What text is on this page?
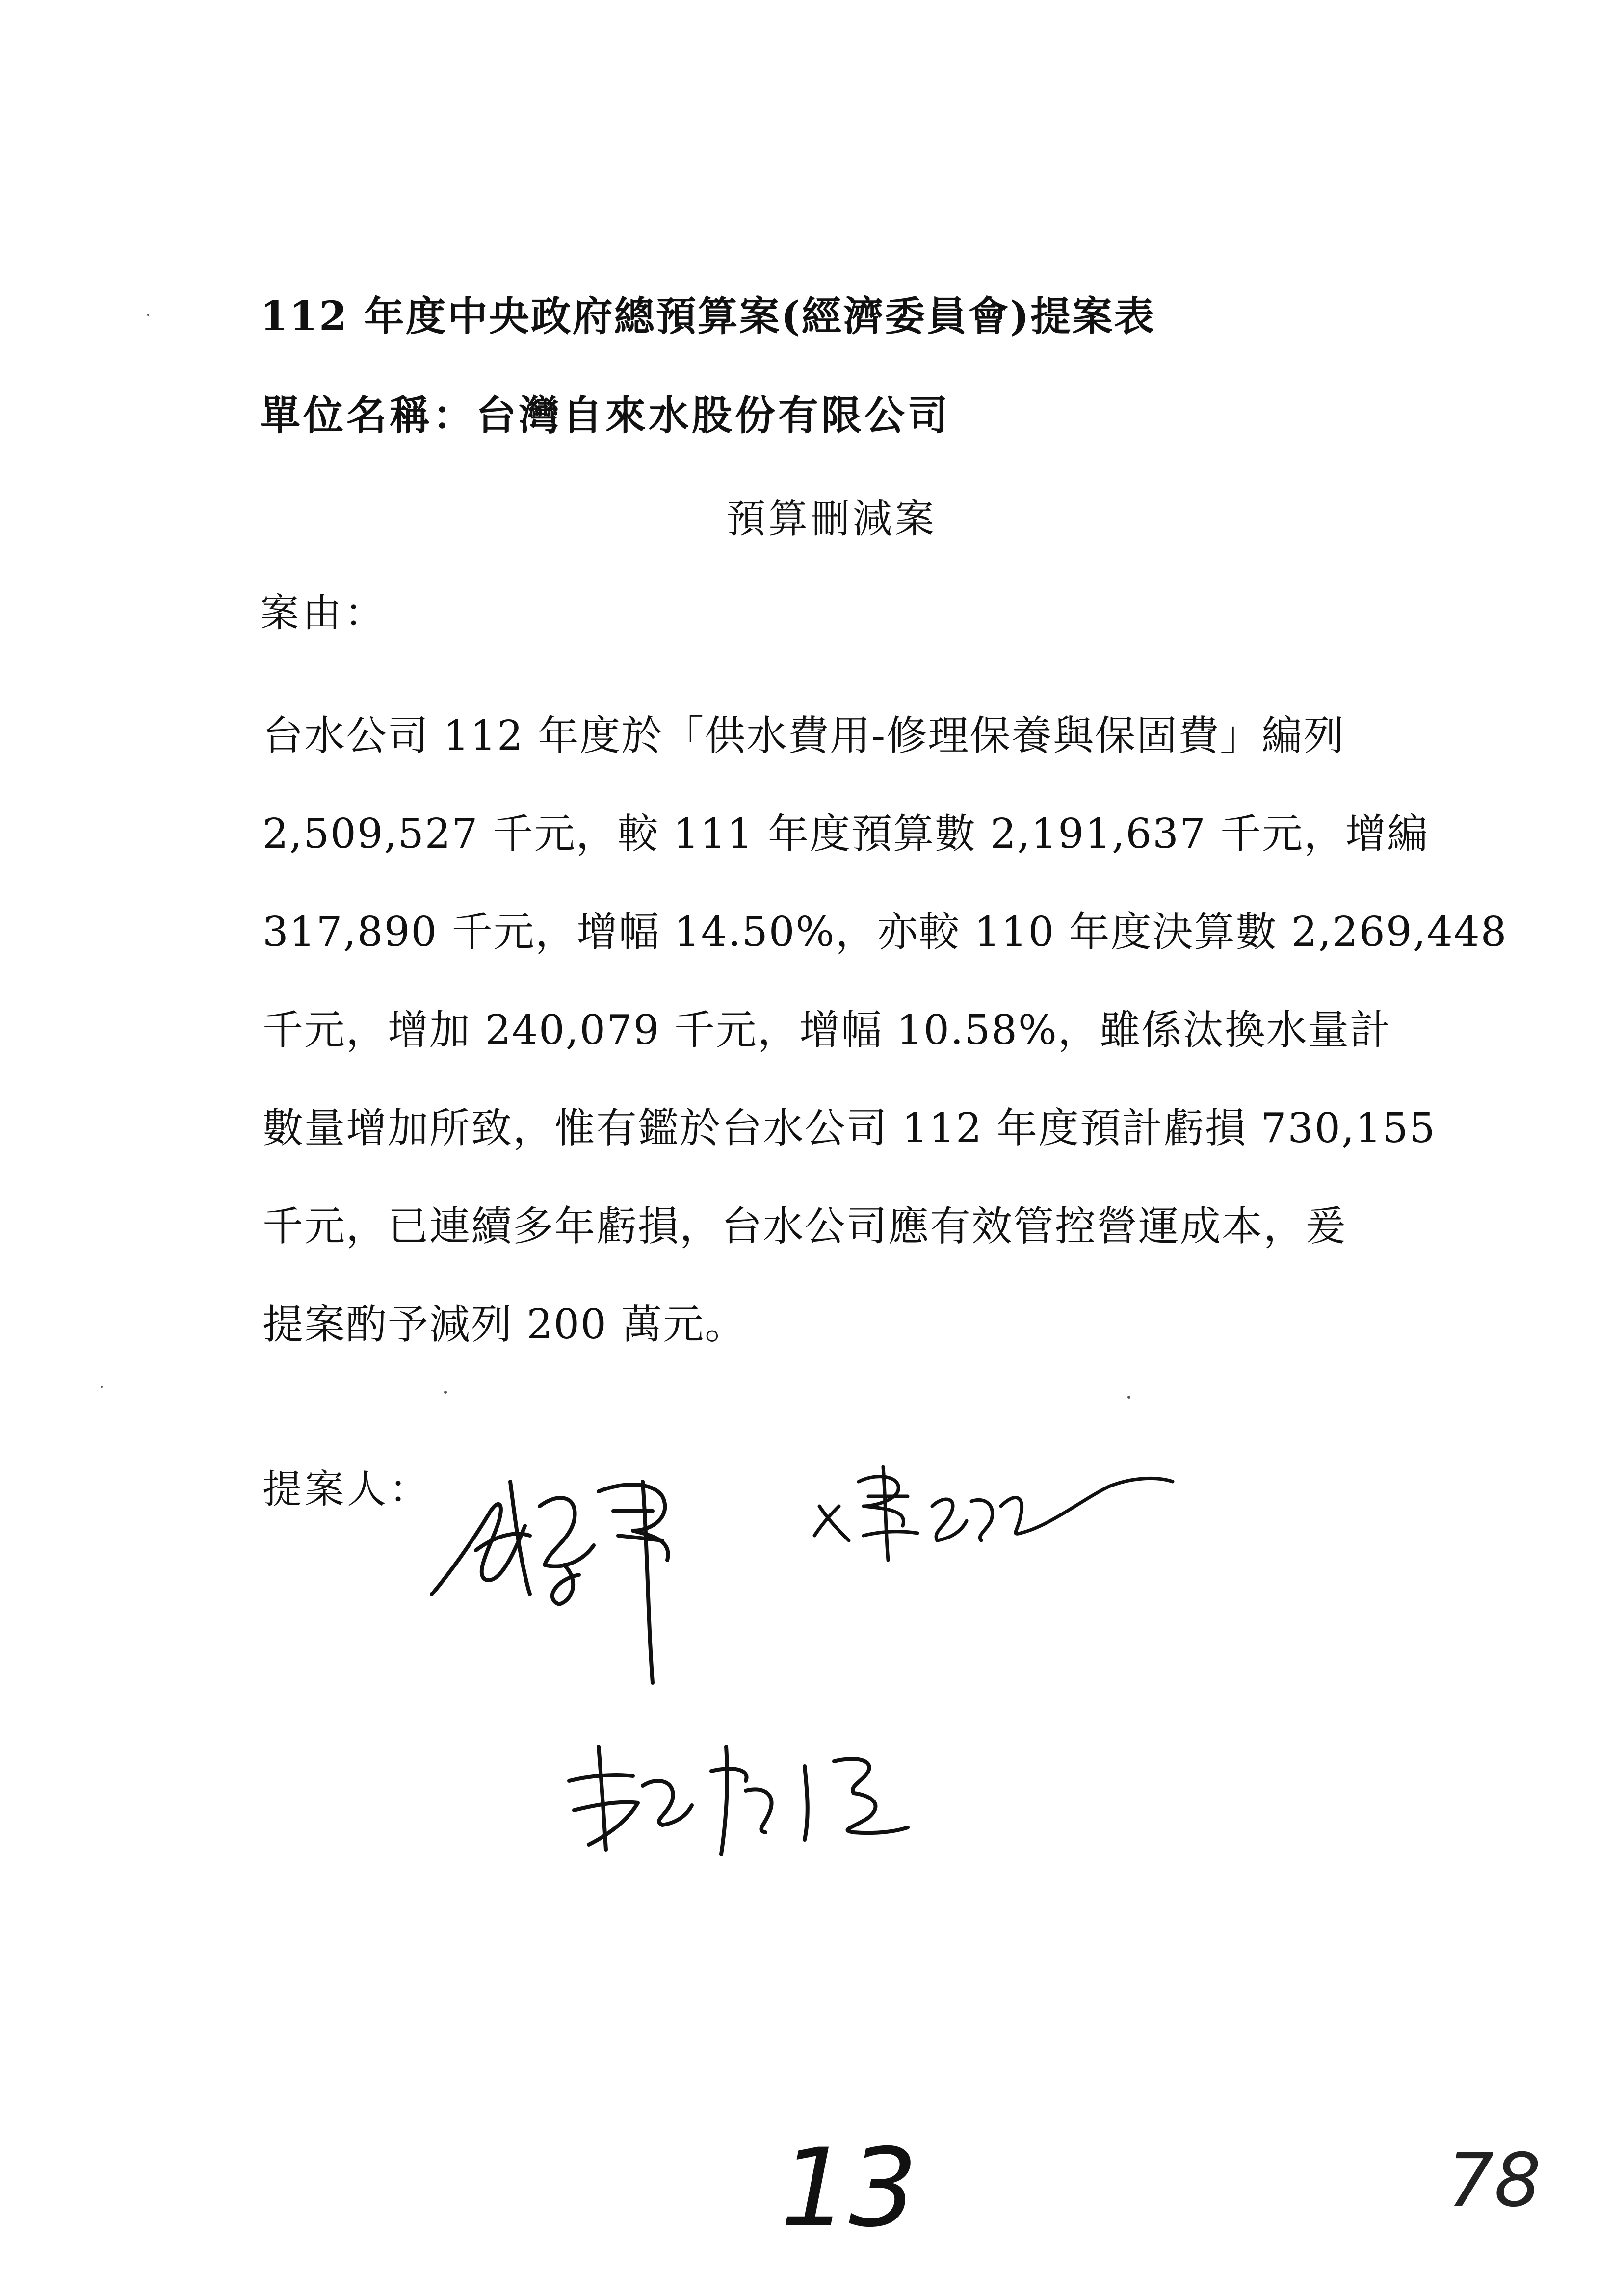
112 年度中央政府總預算案(經濟委員會)提案表
單位名稱：台灣自來水股份有限公司
預算刪減案
案由：
台水公司 112 年度於「供水費用-修理保養與保固費」編列
2,509,527 千元，較 111 年度預算數 2,191,637 千元，增編
317,890 千元，增幅 14.50%，亦較 110 年度決算數 2,269,448
千元，增加 240,079 千元，增幅 10.58%，雖係汰換水量計
數量增加所致，惟有鑑於台水公司 112 年度預計虧損 730,155
千元，已連續多年虧損，台水公司應有效管控營運成本，爰
提案酌予減列 200 萬元。
提案人：
13	78
